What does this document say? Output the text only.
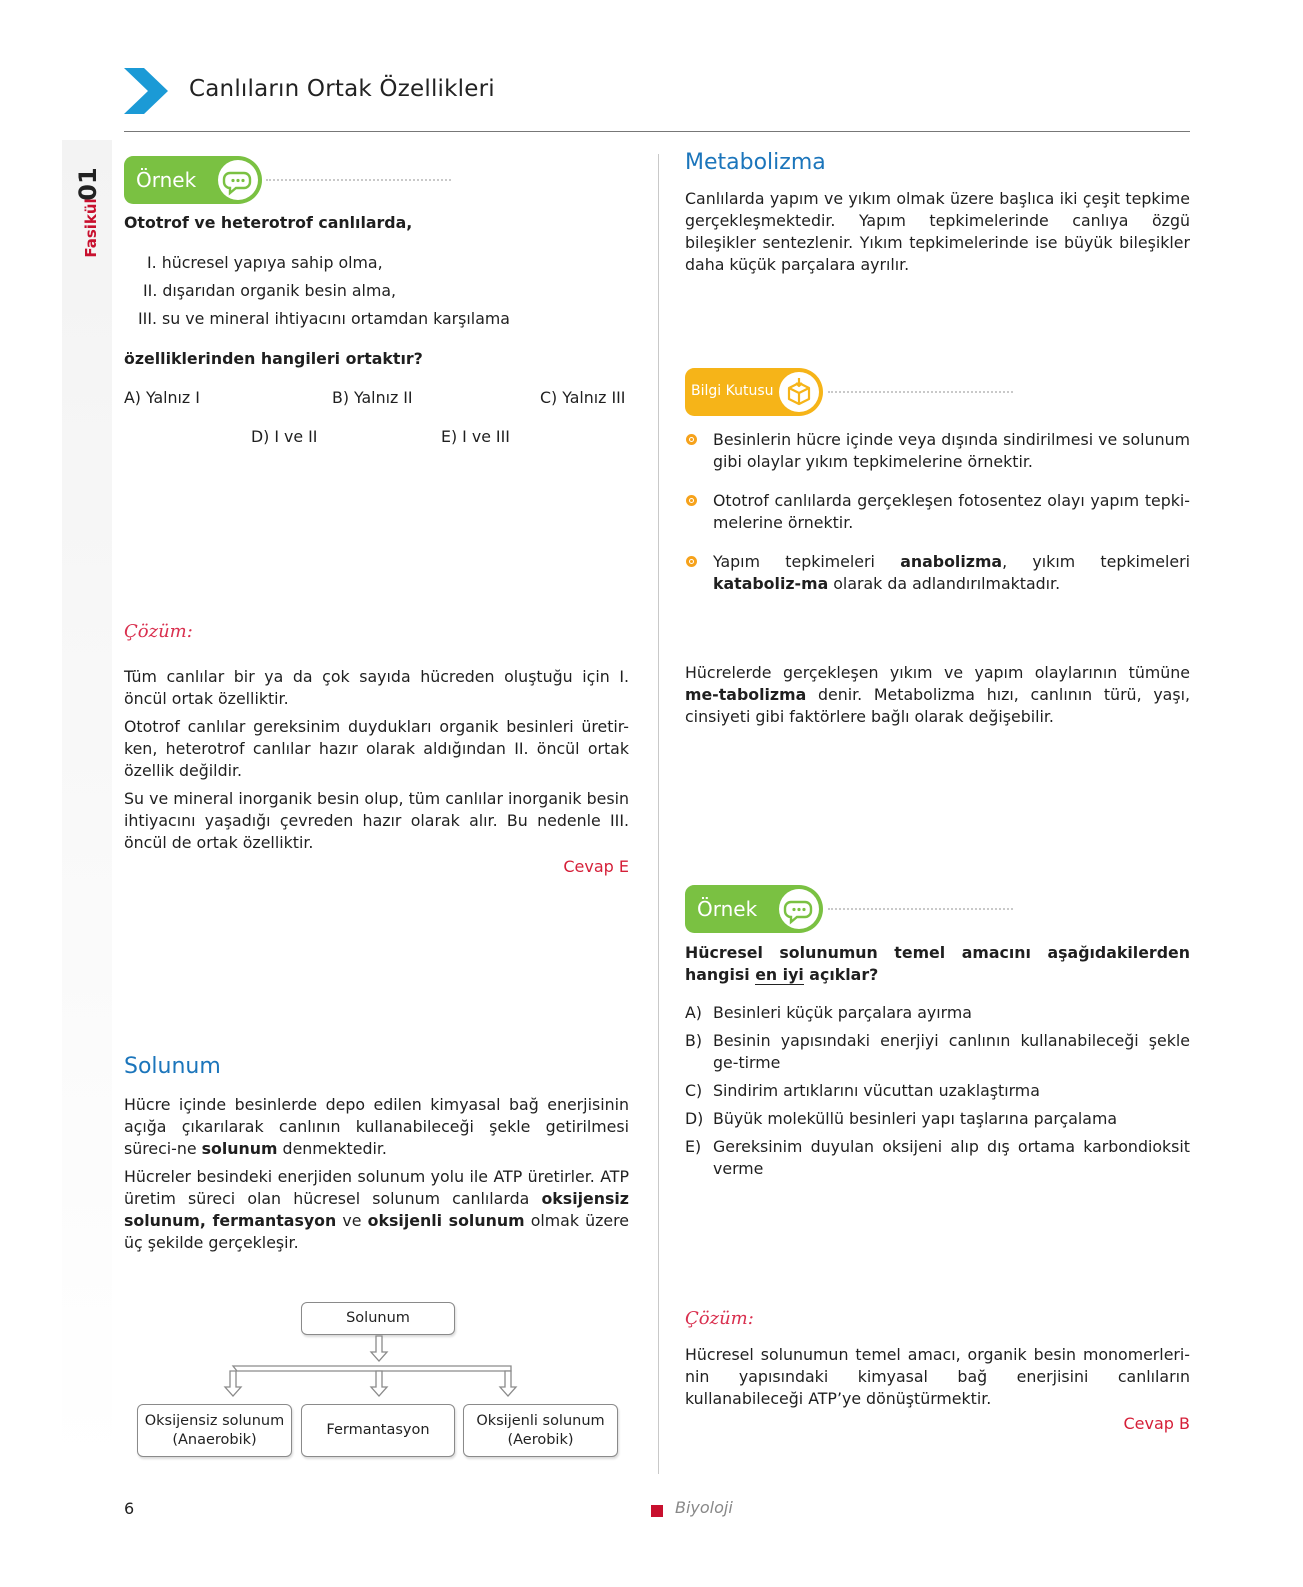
01
Fasikül
Canlıların Ortak Özellikleri
Örnek

Ototrof ve heterotrof canlılarda,

I. hücresel yapıya sahip olma,

II. dışarıdan organik besin alma,

III. su ve mineral ihtiyacını ortamdan karşılama

özelliklerinden hangileri ortaktır?

A) Yalnız I	B) Yalnız II	C) Yalnız III

D) I ve II	E) I ve III

Çözüm:

Tüm canlılar bir ya da çok sayıda hücreden oluştuğu için I. öncül ortak özelliktir.

Ototrof canlılar gereksinim duydukları organik besinleri üretir-ken, heterotrof canlılar hazır olarak aldığından II. öncül ortak özellik değildir.

Su ve mineral inorganik besin olup, tüm canlılar inorganik besin ihtiyacını yaşadığı çevreden hazır olarak alır. Bu nedenle III. öncül de ortak özelliktir.

Cevap E
Solunum

Hücre içinde besinlerde depo edilen kimyasal bağ enerjisinin açığa çıkarılarak canlının kullanabileceği şekle getirilmesi süreci-ne solunum denmektedir.

Hücreler besindeki enerjiden solunum yolu ile ATP üretirler. ATP üretim süreci olan hücresel solunum canlılarda oksijensiz solunum, fermantasyon ve oksijenli solunum olmak üzere üç şekilde gerçekleşir.

Solunum
Oksijensiz solunum
(Anaerobik)
Fermantasyon
Oksijenli solunum
(Aerobik)
Metabolizma

Canlılarda yapım ve yıkım olmak üzere başlıca iki çeşit tepkime gerçekleşmektedir. Yapım tepkimelerinde canlıya özgü bileşikler sentezlenir. Yıkım tepkimelerinde ise büyük bileşikler daha küçük parçalara ayrılır.

Bilgi Kutusu

Besinlerin hücre içinde veya dışında sindirilmesi ve solunum gibi olaylar yıkım tepkimelerine örnektir.

Ototrof canlılarda gerçekleşen fotosentez olayı yapım tepki-melerine örnektir.

Yapım tepkimeleri anabolizma, yıkım tepkimeleri kataboliz-ma olarak da adlandırılmaktadır.

Hücrelerde gerçekleşen yıkım ve yapım olaylarının tümüne me-tabolizma denir. Metabolizma hızı, canlının türü, yaşı, cinsiyeti gibi faktörlere bağlı olarak değişebilir.

Örnek

Hücresel solunumun temel amacını aşağıdakilerden hangisi en iyi açıklar?

A) Besinleri küçük parçalara ayırma
B) Besinin yapısındaki enerjiyi canlının kullanabileceği şekle ge-tirme
C) Sindirim artıklarını vücuttan uzaklaştırma
D) Büyük moleküllü besinleri yapı taşlarına parçalama
E) Gereksinim duyulan oksijeni alıp dış ortama karbondioksit verme
Çözüm:

Hücresel solunumun temel amacı, organik besin monomerleri-nin yapısındaki kimyasal bağ enerjisini canlıların kullanabileceği ATP’ye dönüştürmektir.

Cevap B
6	Biyoloji
